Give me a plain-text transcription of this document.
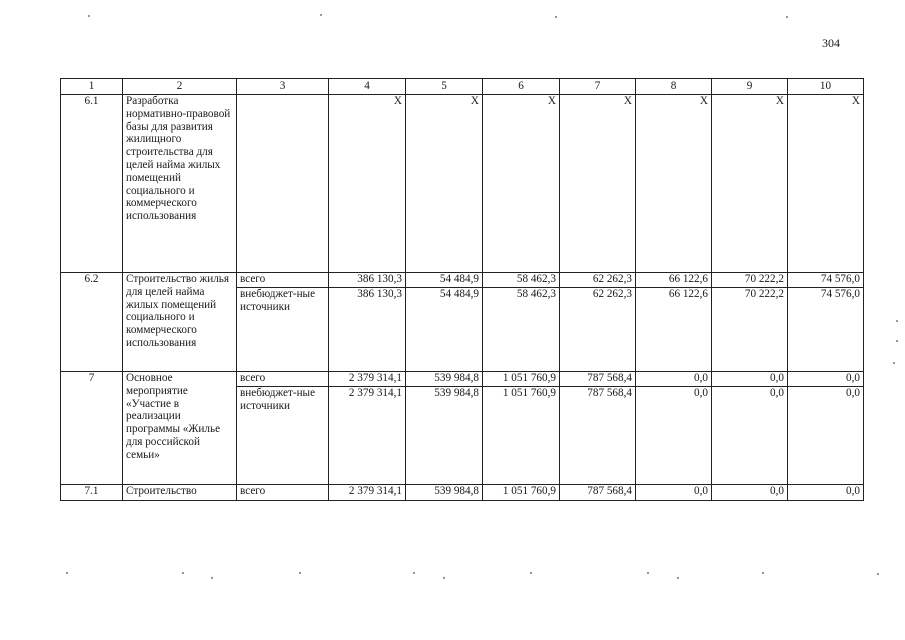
304
1	2	3	4	5	6	7	8	9	10
6.1	Разработка нормативно-правовой базы для развития жилищного строительства для целей найма жилых помещений социального и коммерческого использования		Х	Х	Х	Х	Х	Х	Х
6.2	Строительство жилья для целей найма жилых помещений социального и коммерческого использования	всего	386 130,3	54 484,9	58 462,3	62 262,3	66 122,6	70 222,2	74 576,0
		внебюджет-ные источники	386 130,3	54 484,9	58 462,3	62 262,3	66 122,6	70 222,2	74 576,0
7	Основное мероприятие «Участие в реализации программы «Жилье для российской семьи»	всего	2 379 314,1	539 984,8	1 051 760,9	787 568,4	0,0	0,0	0,0
		внебюджет-ные источники	2 379 314,1	539 984,8	1 051 760,9	787 568,4	0,0	0,0	0,0
7.1	Строительство	всего	2 379 314,1	539 984,8	1 051 760,9	787 568,4	0,0	0,0	0,0
